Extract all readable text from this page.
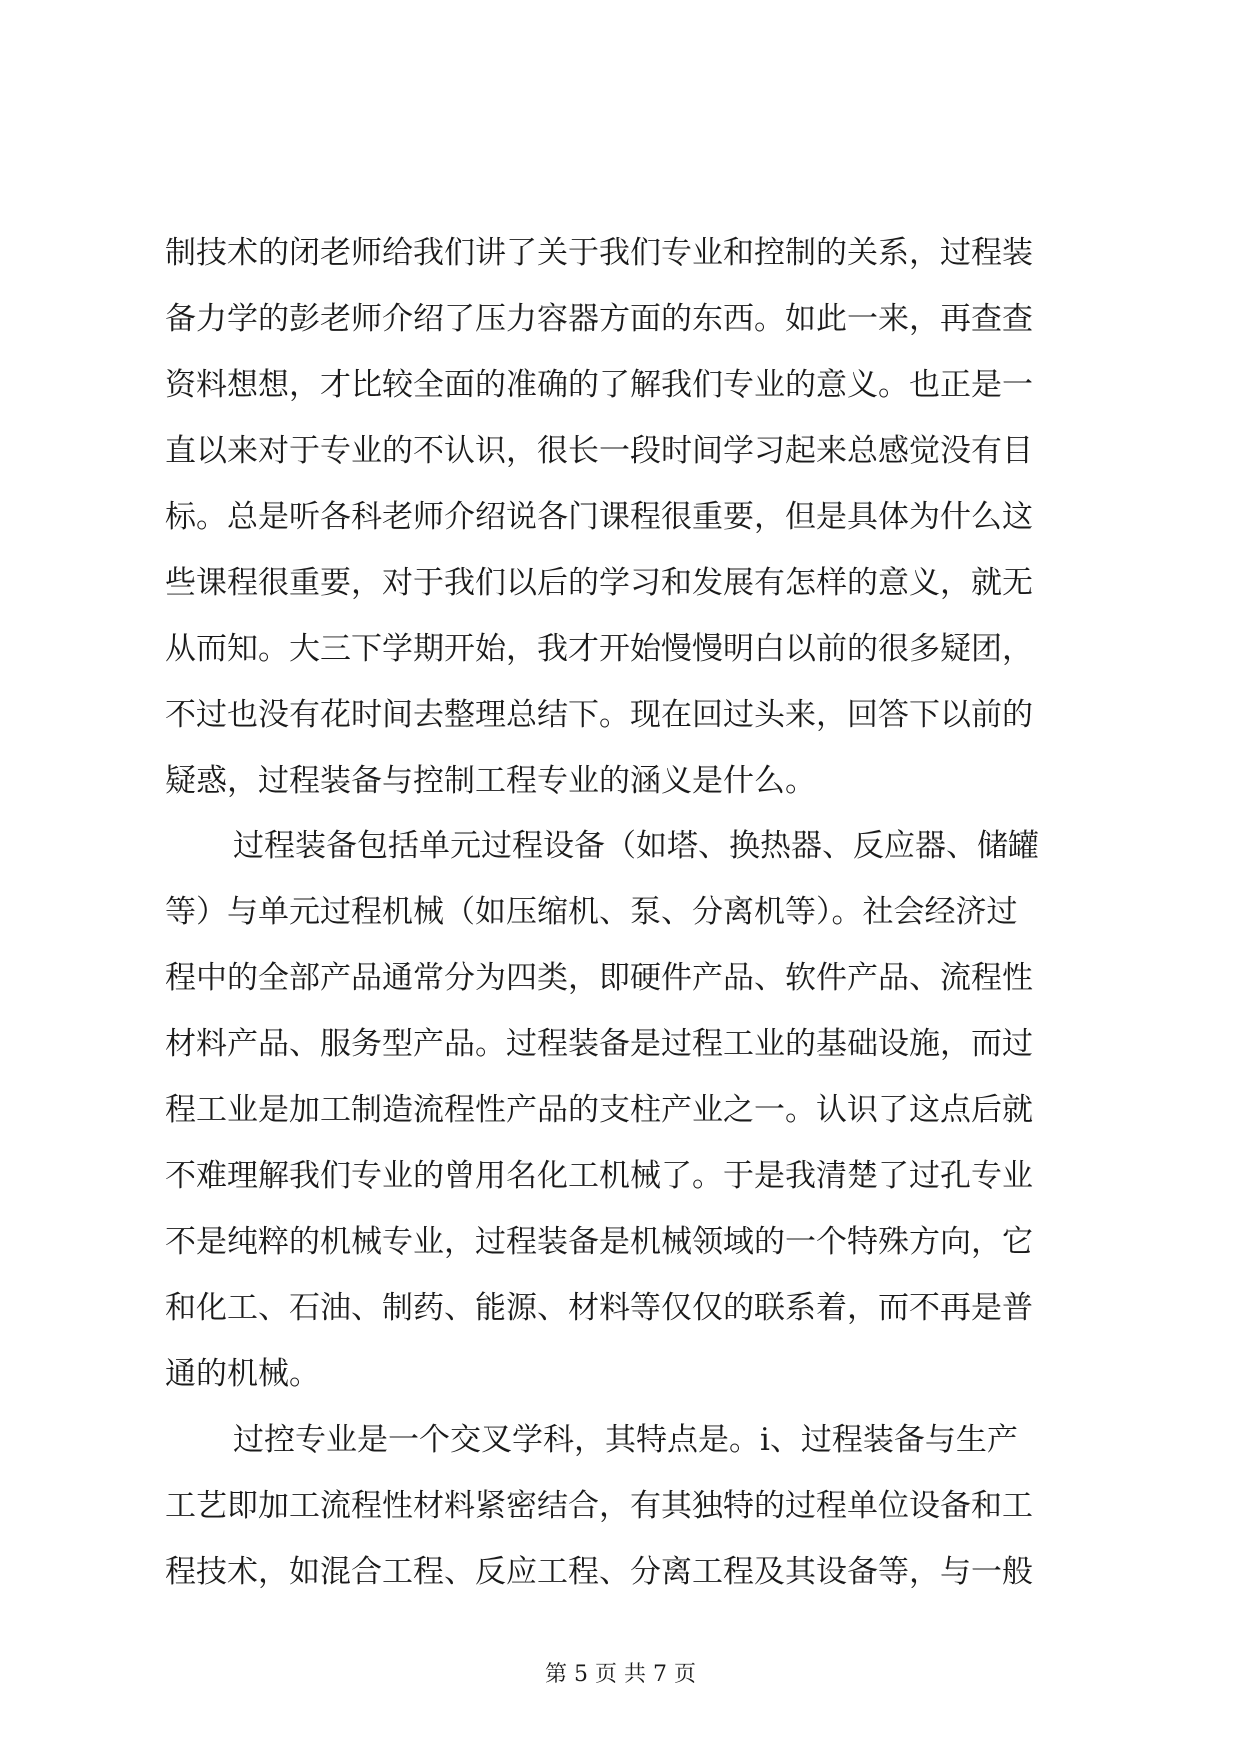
制技术的闭老师给我们讲了关于我们专业和控制的关系，过程装
备力学的彭老师介绍了压力容器方面的东西。如此一来，再查查
资料想想，才比较全面的准确的了解我们专业的意义。也正是一
直以来对于专业的不认识，很长一段时间学习起来总感觉没有目
标。总是听各科老师介绍说各门课程很重要，但是具体为什么这
些课程很重要，对于我们以后的学习和发展有怎样的意义，就无
从而知。大三下学期开始，我才开始慢慢明白以前的很多疑团，
不过也没有花时间去整理总结下。现在回过头来，回答下以前的
疑惑，过程装备与控制工程专业的涵义是什么。
过程装备包括单元过程设备（如塔、换热器、反应器、储罐
等）与单元过程机械（如压缩机、泵、分离机等）。社会经济过
程中的全部产品通常分为四类，即硬件产品、软件产品、流程性
材料产品、服务型产品。过程装备是过程工业的基础设施，而过
程工业是加工制造流程性产品的支柱产业之一。认识了这点后就
不难理解我们专业的曾用名化工机械了。于是我清楚了过孔专业
不是纯粹的机械专业，过程装备是机械领域的一个特殊方向，它
和化工、石油、制药、能源、材料等仅仅的联系着，而不再是普
通的机械。
过控专业是一个交叉学科，其特点是。i、过程装备与生产
工艺即加工流程性材料紧密结合，有其独特的过程单位设备和工
程技术，如混合工程、反应工程、分离工程及其设备等，与一般
第 5 页 共 7 页
